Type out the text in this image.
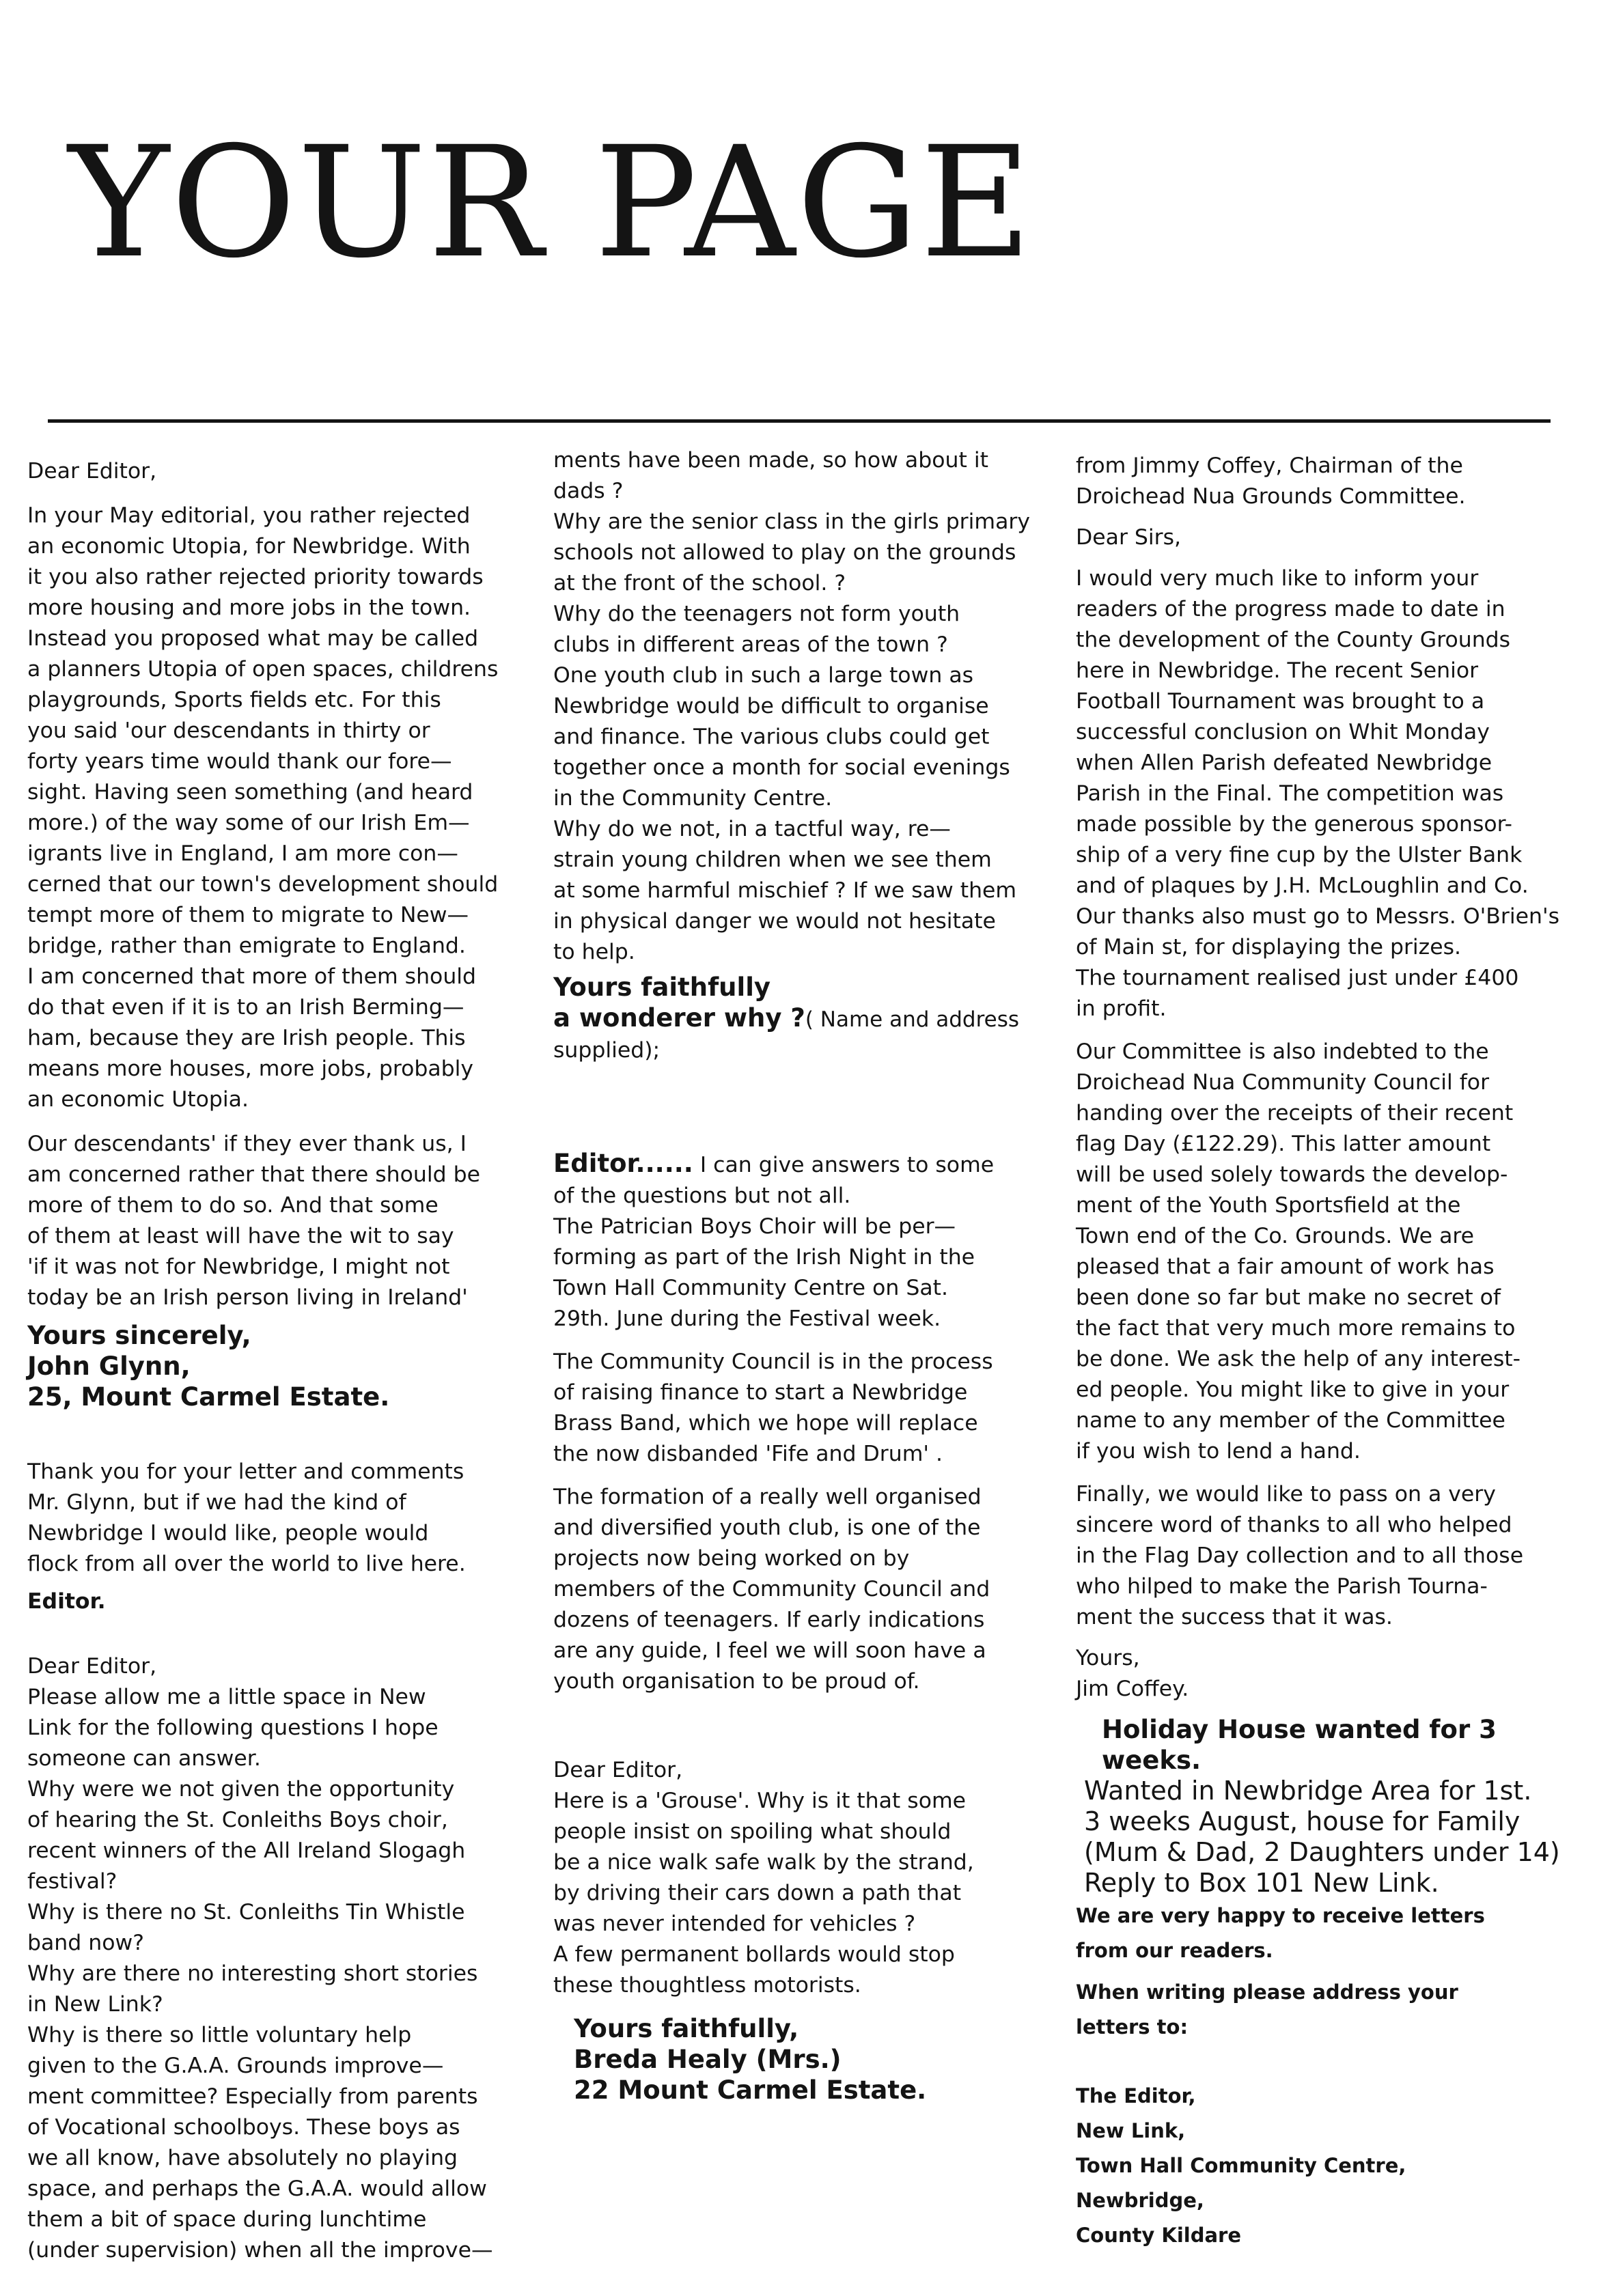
YOUR PAGE

Dear Editor,

In your May editorial, you rather rejected
an economic Utopia, for Newbridge. With
it you also rather rejected priority towards
more housing and more jobs in the town.
Instead you proposed what may be called
a planners Utopia of open spaces, childrens
playgrounds, Sports fields etc. For this
you said 'our descendants in thirty or
forty years time would thank our fore—
sight. Having seen something (and heard
more.) of the way some of our Irish Em—
igrants live in England, I am more con—
cerned that our town's development should
tempt more of them to migrate to New—
bridge, rather than emigrate to England.
I am concerned that more of them should
do that even if it is to an Irish Berming—
ham, because they are Irish people. This
means more houses, more jobs, probably
an economic Utopia.

Our descendants' if they ever thank us, I
am concerned rather that there should be
more of them to do so. And that some
of them at least will have the wit to say
'if it was not for Newbridge, I might not
today be an Irish person living in Ireland'

Yours sincerely,
John Glynn,
25, Mount Carmel Estate.

Thank you for your letter and comments
Mr. Glynn, but if we had the kind of
Newbridge I would like, people would
flock from all over the world to live here.

Editor.

Dear Editor,

Please allow me a little space in New
Link for the following questions I hope
someone can answer.
Why were we not given the opportunity
of hearing the St. Conleiths Boys choir,
recent winners of the All Ireland Slogagh
festival?
Why is there no St. Conleiths Tin Whistle
band now?
Why are there no interesting short stories
in New Link?
Why is there so little voluntary help
given to the G.A.A. Grounds improve—
ment committee? Especially from parents
of Vocational schoolboys. These boys as
we all know, have absolutely no playing
space, and perhaps the G.A.A. would allow
them a bit of space during lunchtime
(under supervision) when all the improve—

ments have been made, so how about it
dads ?
Why are the senior class in the girls primary
schools not allowed to play on the grounds
at the front of the school. ?
Why do the teenagers not form youth
clubs in different areas of the town ?
One youth club in such a large town as
Newbridge would be difficult to organise
and finance. The various clubs could get
together once a month for social evenings
in the Community Centre.
Why do we not, in a tactful way, re—
strain young children when we see them
at some harmful mischief ? If we saw them
in physical danger we would not hesitate
to help.

Yours faithfully

a wonderer why ?( Name and address

supplied);

Editor...... I can give answers to some

of the questions but not all.
The Patrician Boys Choir will be per—
forming as part of the Irish Night in the
Town Hall Community Centre on Sat.
29th. June during the Festival week.

The Community Council is in the process
of raising finance to start a Newbridge
Brass Band, which we hope will replace
the now disbanded 'Fife and Drum' .

The formation of a really well organised
and diversified youth club, is one of the
projects now being worked on by
members of the Community Council and
dozens of teenagers. If early indications
are any guide, I feel we will soon have a
youth organisation to be proud of.

Dear Editor,

Here is a 'Grouse'. Why is it that some
people insist on spoiling what should
be a nice walk safe walk by the strand,
by driving their cars down a path that
was never intended for vehicles ?
A few permanent bollards would stop
these thoughtless motorists.

Yours faithfully,
Breda Healy (Mrs.)
22 Mount Carmel Estate.

from Jimmy Coffey, Chairman of the
Droichead Nua Grounds Committee.

Dear Sirs,

I would very much like to inform your
readers of the progress made to date in
the development of the County Grounds
here in Newbridge. The recent Senior
Football Tournament was brought to a
successful conclusion on Whit Monday
when Allen Parish defeated Newbridge
Parish in the Final. The competition was
made possible by the generous sponsor-
ship of a very fine cup by the Ulster Bank
and of plaques by J.H. McLoughlin and Co.
Our thanks also must go to Messrs. O'Brien's
of Main st, for displaying the prizes.
The tournament realised just under £400
in profit.

Our Committee is also indebted to the
Droichead Nua Community Council for
handing over the receipts of their recent
flag Day (£122.29). This latter amount
will be used solely towards the develop-
ment of the Youth Sportsfield at the
Town end of the Co. Grounds. We are
pleased that a fair amount of work has
been done so far but make no secret of
the fact that very much more remains to
be done. We ask the help of any interest-
ed people. You might like to give in your
name to any member of the Committee
if you wish to lend a hand.

Finally, we would like to pass on a very
sincere word of thanks to all who helped
in the Flag Day collection and to all those
who hilped to make the Parish Tourna-
ment the success that it was.

Yours,
Jim Coffey.

Holiday House wanted for 3 weeks.

Wanted in Newbridge Area for 1st.
3 weeks August, house for Family
(Mum & Dad, 2 Daughters under 14)
Reply to Box 101 New Link.

We are very happy to receive letters
from our readers.

When writing please address your
letters to:

The Editor,
New Link,
Town Hall Community Centre,
Newbridge,
County Kildare
